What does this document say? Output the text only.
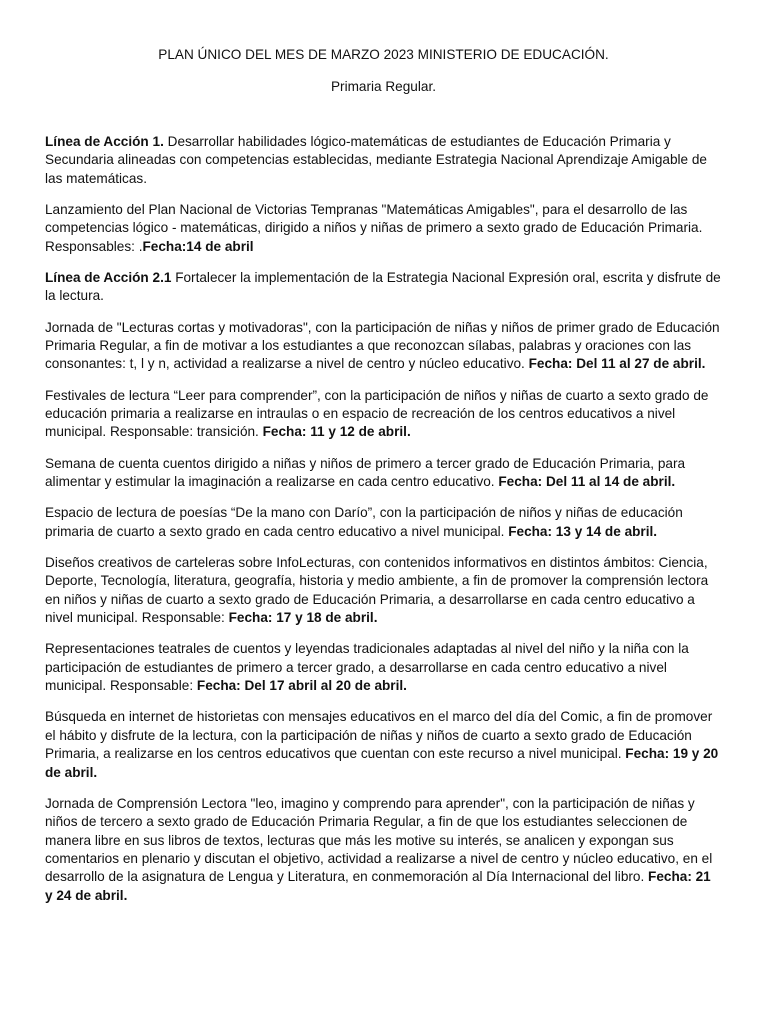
PLAN ÚNICO DEL MES DE MARZO 2023 MINISTERIO DE EDUCACIÓN.

Primaria Regular.

Línea de Acción 1. Desarrollar habilidades lógico-matemáticas de estudiantes de Educación Primaria y Secundaria alineadas con competencias establecidas, mediante Estrategia Nacional Aprendizaje Amigable de las matemáticas.

Lanzamiento del Plan Nacional de Victorias Tempranas "Matemáticas Amigables", para el desarrollo de las competencias lógico - matemáticas, dirigido a niños y niñas de primero a sexto grado de Educación Primaria. Responsables: .Fecha:14 de abril

Línea de Acción 2.1 Fortalecer la implementación de la Estrategia Nacional Expresión oral, escrita y disfrute de la lectura.

Jornada de "Lecturas cortas y motivadoras", con la participación de niñas y niños de primer grado de Educación Primaria Regular, a fin de motivar a los estudiantes a que reconozcan sílabas, palabras y oraciones con las consonantes: t, l y n, actividad a realizarse a nivel de centro y núcleo educativo. Fecha: Del 11 al 27 de abril.

Festivales de lectura “Leer para comprender”, con la participación de niños y niñas de cuarto a sexto grado de educación primaria a realizarse en intraulas o en espacio de recreación de los centros educativos a nivel municipal. Responsable: transición. Fecha: 11 y 12 de abril.

Semana de cuenta cuentos dirigido a niñas y niños de primero a tercer grado de Educación Primaria, para alimentar y estimular la imaginación a realizarse en cada centro educativo. Fecha: Del 11 al 14 de abril.

Espacio de lectura de poesías “De la mano con Darío”, con la participación de niños y niñas de educación primaria de cuarto a sexto grado en cada centro educativo a nivel municipal. Fecha: 13 y 14 de abril.

Diseños creativos de carteleras sobre InfoLecturas, con contenidos informativos en distintos ámbitos: Ciencia, Deporte, Tecnología, literatura, geografía, historia y medio ambiente, a fin de promover la comprensión lectora en niños y niñas de cuarto a sexto grado de Educación Primaria, a desarrollarse en cada centro educativo a nivel municipal. Responsable: Fecha: 17 y 18 de abril.

Representaciones teatrales de cuentos y leyendas tradicionales adaptadas al nivel del niño y la niña con la participación de estudiantes de primero a tercer grado, a desarrollarse en cada centro educativo a nivel municipal. Responsable: Fecha: Del 17 abril al 20 de abril.

Búsqueda en internet de historietas con mensajes educativos en el marco del día del Comic, a fin de promover el hábito y disfrute de la lectura, con la participación de niñas y niños de cuarto a sexto grado de Educación Primaria, a realizarse en los centros educativos que cuentan con este recurso a nivel municipal. Fecha: 19 y 20 de abril.

Jornada de Comprensión Lectora "leo, imagino y comprendo para aprender", con la participación de niñas y niños de tercero a sexto grado de Educación Primaria Regular, a fin de que los estudiantes seleccionen de manera libre en sus libros de textos, lecturas que más les motive su interés, se analicen y expongan sus comentarios en plenario y discutan el objetivo, actividad a realizarse a nivel de centro y núcleo educativo, en el desarrollo de la asignatura de Lengua y Literatura, en conmemoración al Día Internacional del libro. Fecha: 21 y 24 de abril.
